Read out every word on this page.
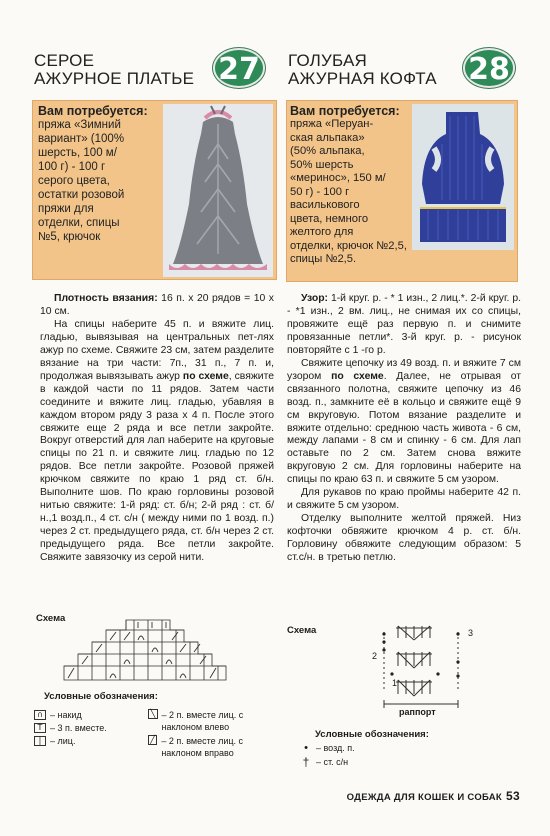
СЕРОЕ
АЖУРНОЕ ПЛАТЬЕ 27
Вам потребуется:
пряжа «Зимний
вариант» (100%
шерсть, 100 м/
100 г) - 100 г
серого цвета,
остатки розовой
пряжи для
отделки, спицы
№5, крючок

Плотность вязания: 16 п. х 20 рядов = 10 х 10 см.

На спицы наберите 45 п. и вяжите лиц. гладью, вывязывая на центральных пет-лях ажур по схеме. Свяжите 23 см, затем разделите вязание на три части: 7п., 31 п., 7 п. и, продолжая вывязывать ажур по схеме, свяжите в каждой части по 11 рядов. Затем части соедините и вяжите лиц. гладью, убавляя в каждом втором ряду 3 раза х 4 п. После этого свяжите еще 2 ряда и все петли закройте. Вокруг отверстий для лап наберите на круговые спицы по 21 п. и свяжите лиц. гладью по 12 рядов. Все петли закройте. Розовой пряжей крючком свяжите по краю 1 ряд ст. б/н. Выполните шов. По краю горловины розовой нитью свяжите: 1-й ряд: ст. б/н; 2-й ряд : ст. б/н.,1 возд.п., 4 ст. с/н ( между ними по 1 возд. п.) через 2 ст. предыдущего ряда, ст. б/н через 2 ст. предыдущего ряда. Все петли закройте. Свяжите завязочку из серой нити.

Схема
Условные обозначения:
∩ – накид
Т – 3 п. вместе.
| – лиц.
╲ – 2 п. вместе лиц. с наклоном влево
╱ – 2 п. вместе лиц. с наклоном вправо
ГОЛУБАЯ
АЖУРНАЯ КОФТА 28
Вам потребуется:
пряжа «Перуан-
ская альпака»
(50% альпака,
50% шерсть
«меринос», 150 м/
50 г) - 100 г
василькового
цвета, немного
желтого для
отделки, крючок №2,5,
спицы №2,5.

Узор: 1-й круг. р. - * 1 изн., 2 лиц.*. 2-й круг. р. - *1 изн., 2 вм. лиц., не снимая их со спицы, провяжите ещё раз первую п. и снимите провязанные петли*. 3-й круг. р. - рисунок повторяйте с 1 -го р.

Свяжите цепочку из 49 возд. п. и вяжите 7 см узором по схеме. Далее, не отрывая от связанного полотна, свяжите цепочку из 46 возд. п., замкните её в кольцо и свяжите ещё 9 см вкруговую. Потом вязание разделите и вяжите отдельно: среднюю часть живота - 6 см, между лапами - 8 см и спинку - 6 см. Для лап оставьте по 2 см. Затем снова вяжите вкруговую 2 см. Для горловины наберите на спицы по краю 63 п. и свяжите 5 см узором.

Для рукавов по краю проймы наберите 42 п. и свяжите 5 см узором.

Отделку выполните желтой пряжей. Низ кофточки обвяжите крючком 4 р. ст. б/н. Горловину обвяжите следующим образом: 5 ст.с/н. в третью петлю.

Схема	3
2
1
раппорт
Условные обозначения:
• – возд. п.
† – ст. с/н
ОДЕЖДА ДЛЯ КОШЕК И СОБАК 53
